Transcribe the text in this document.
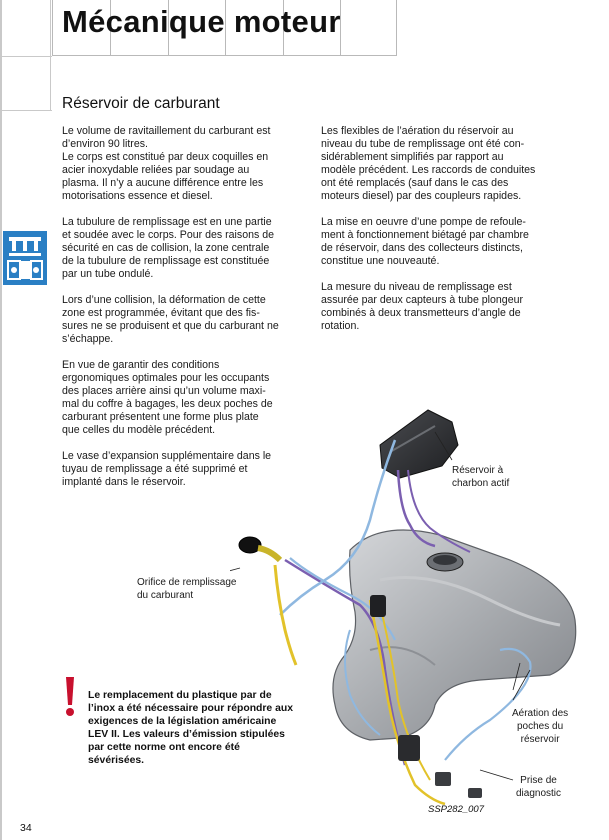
Mécanique moteur
Réservoir de carburant

Le volume de ravitaillement du carburant est
d’environ 90 litres.
Le corps est constitué par deux coquilles en
acier inoxydable reliées par soudage au
plasma. Il n’y a aucune différence entre les
motorisations essence et diesel.

La tubulure de remplissage est en une partie
et soudée avec le corps. Pour des raisons de
sécurité en cas de collision, la zone centrale
de la tubulure de remplissage est constituée
par un tube ondulé.

Lors d’une collision, la déformation de cette
zone est programmée, évitant que des fis-
sures ne se produisent et que du carburant ne
s’échappe.

En vue de garantir des conditions
ergonomiques optimales pour les occupants
des places arrière ainsi qu’un volume maxi-
mal du coffre à bagages, les deux poches de
carburant présentent une forme plus plate
que celles du modèle précédent.

Le vase d’expansion supplémentaire dans le
tuyau de remplissage a été supprimé et
implanté dans le réservoir.

Les flexibles de l’aération du réservoir au
niveau du tube de remplissage ont été con-
sidérablement simplifiés par rapport au
modèle précédent. Les raccords de conduites
ont été remplacés (sauf dans le cas des
moteurs diesel) par des coupleurs rapides.

La mise en oeuvre d’une pompe de refoule-
ment à fonctionnement biétagé par chambre
de réservoir, dans des collecteurs distincts,
constitue une nouveauté.

La mesure du niveau de remplissage est
assurée par deux capteurs à tube plongeur
combinés à deux transmetteurs d’angle de
rotation.

Réservoir à
charbon actif
Orifice de remplissage
du carburant
Aération des
poches du
réservoir
Prise de
diagnostic
Le remplacement du plastique par de
l’inox a été nécessaire pour répondre aux
exigences de la législation américaine
LEV II. Les valeurs d’émission stipulées
par cette norme ont encore été
sévérisées.
SSP282_007
34
